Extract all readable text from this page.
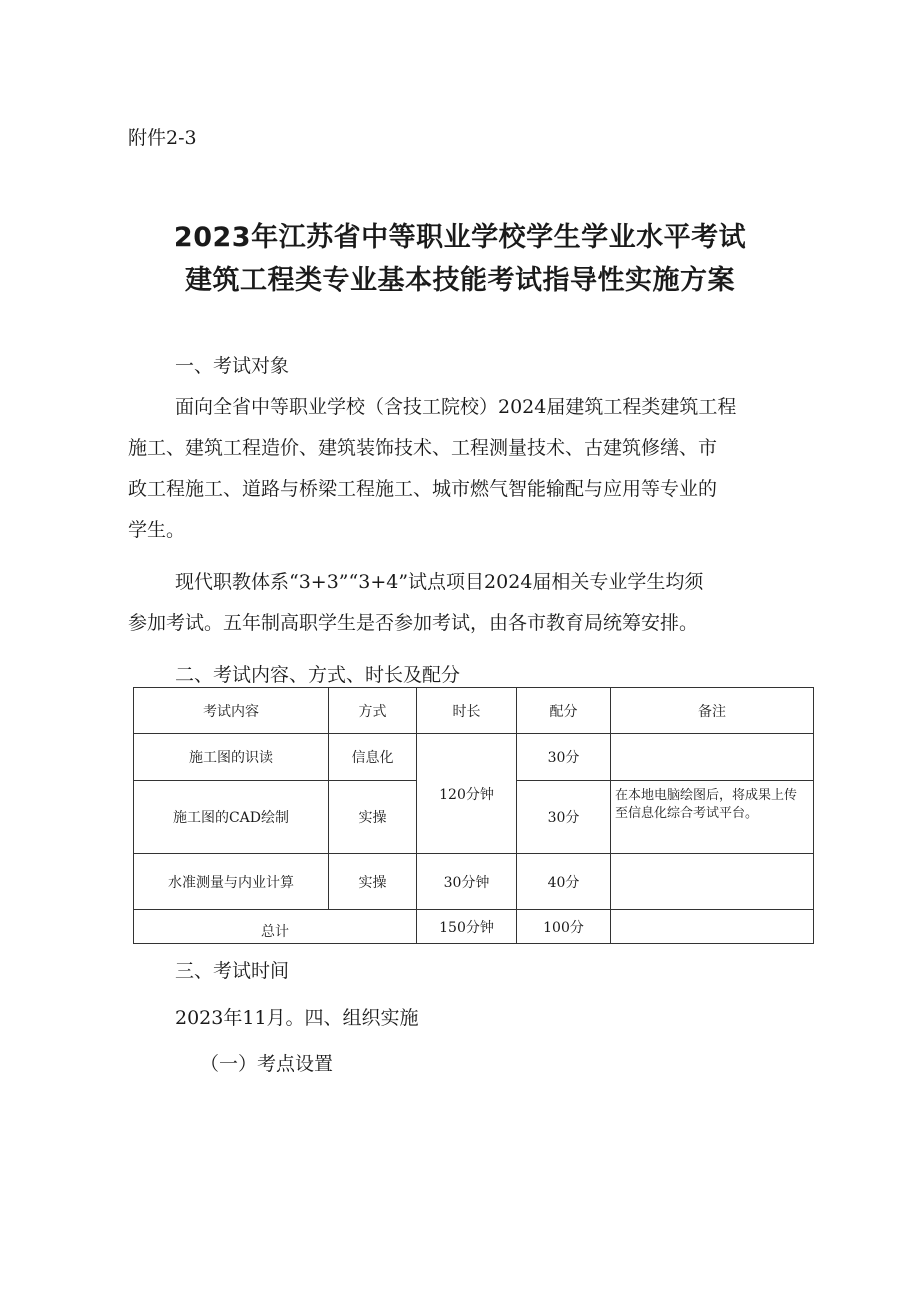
附件2-3
2023年江苏省中等职业学校学生学业水平考试
建筑工程类专业基本技能考试指导性实施方案
一、考试对象
面向全省中等职业学校（含技工院校）2024届建筑工程类建筑工程
施工、建筑工程造价、建筑装饰技术、工程测量技术、古建筑修缮、市
政工程施工、道路与桥梁工程施工、城市燃气智能输配与应用等专业的
学生。
现代职教体系“3+3”“3+4”试点项目2024届相关专业学生均须
参加考试。五年制高职学生是否参加考试，由各市教育局统筹安排。
二、考试内容、方式、时长及配分
考试内容	方式	时长	配分	备注
施工图的识读	信息化	120分钟	30分	
施工图的CAD绘制	实操		30分	在本地电脑绘图后，将成果上传至信息化综合考试平台。
水准测量与内业计算	实操	30分钟	40分	
总计		150分钟	100分	
三、考试时间
2023年11月。四、组织实施
（一）考点设置
